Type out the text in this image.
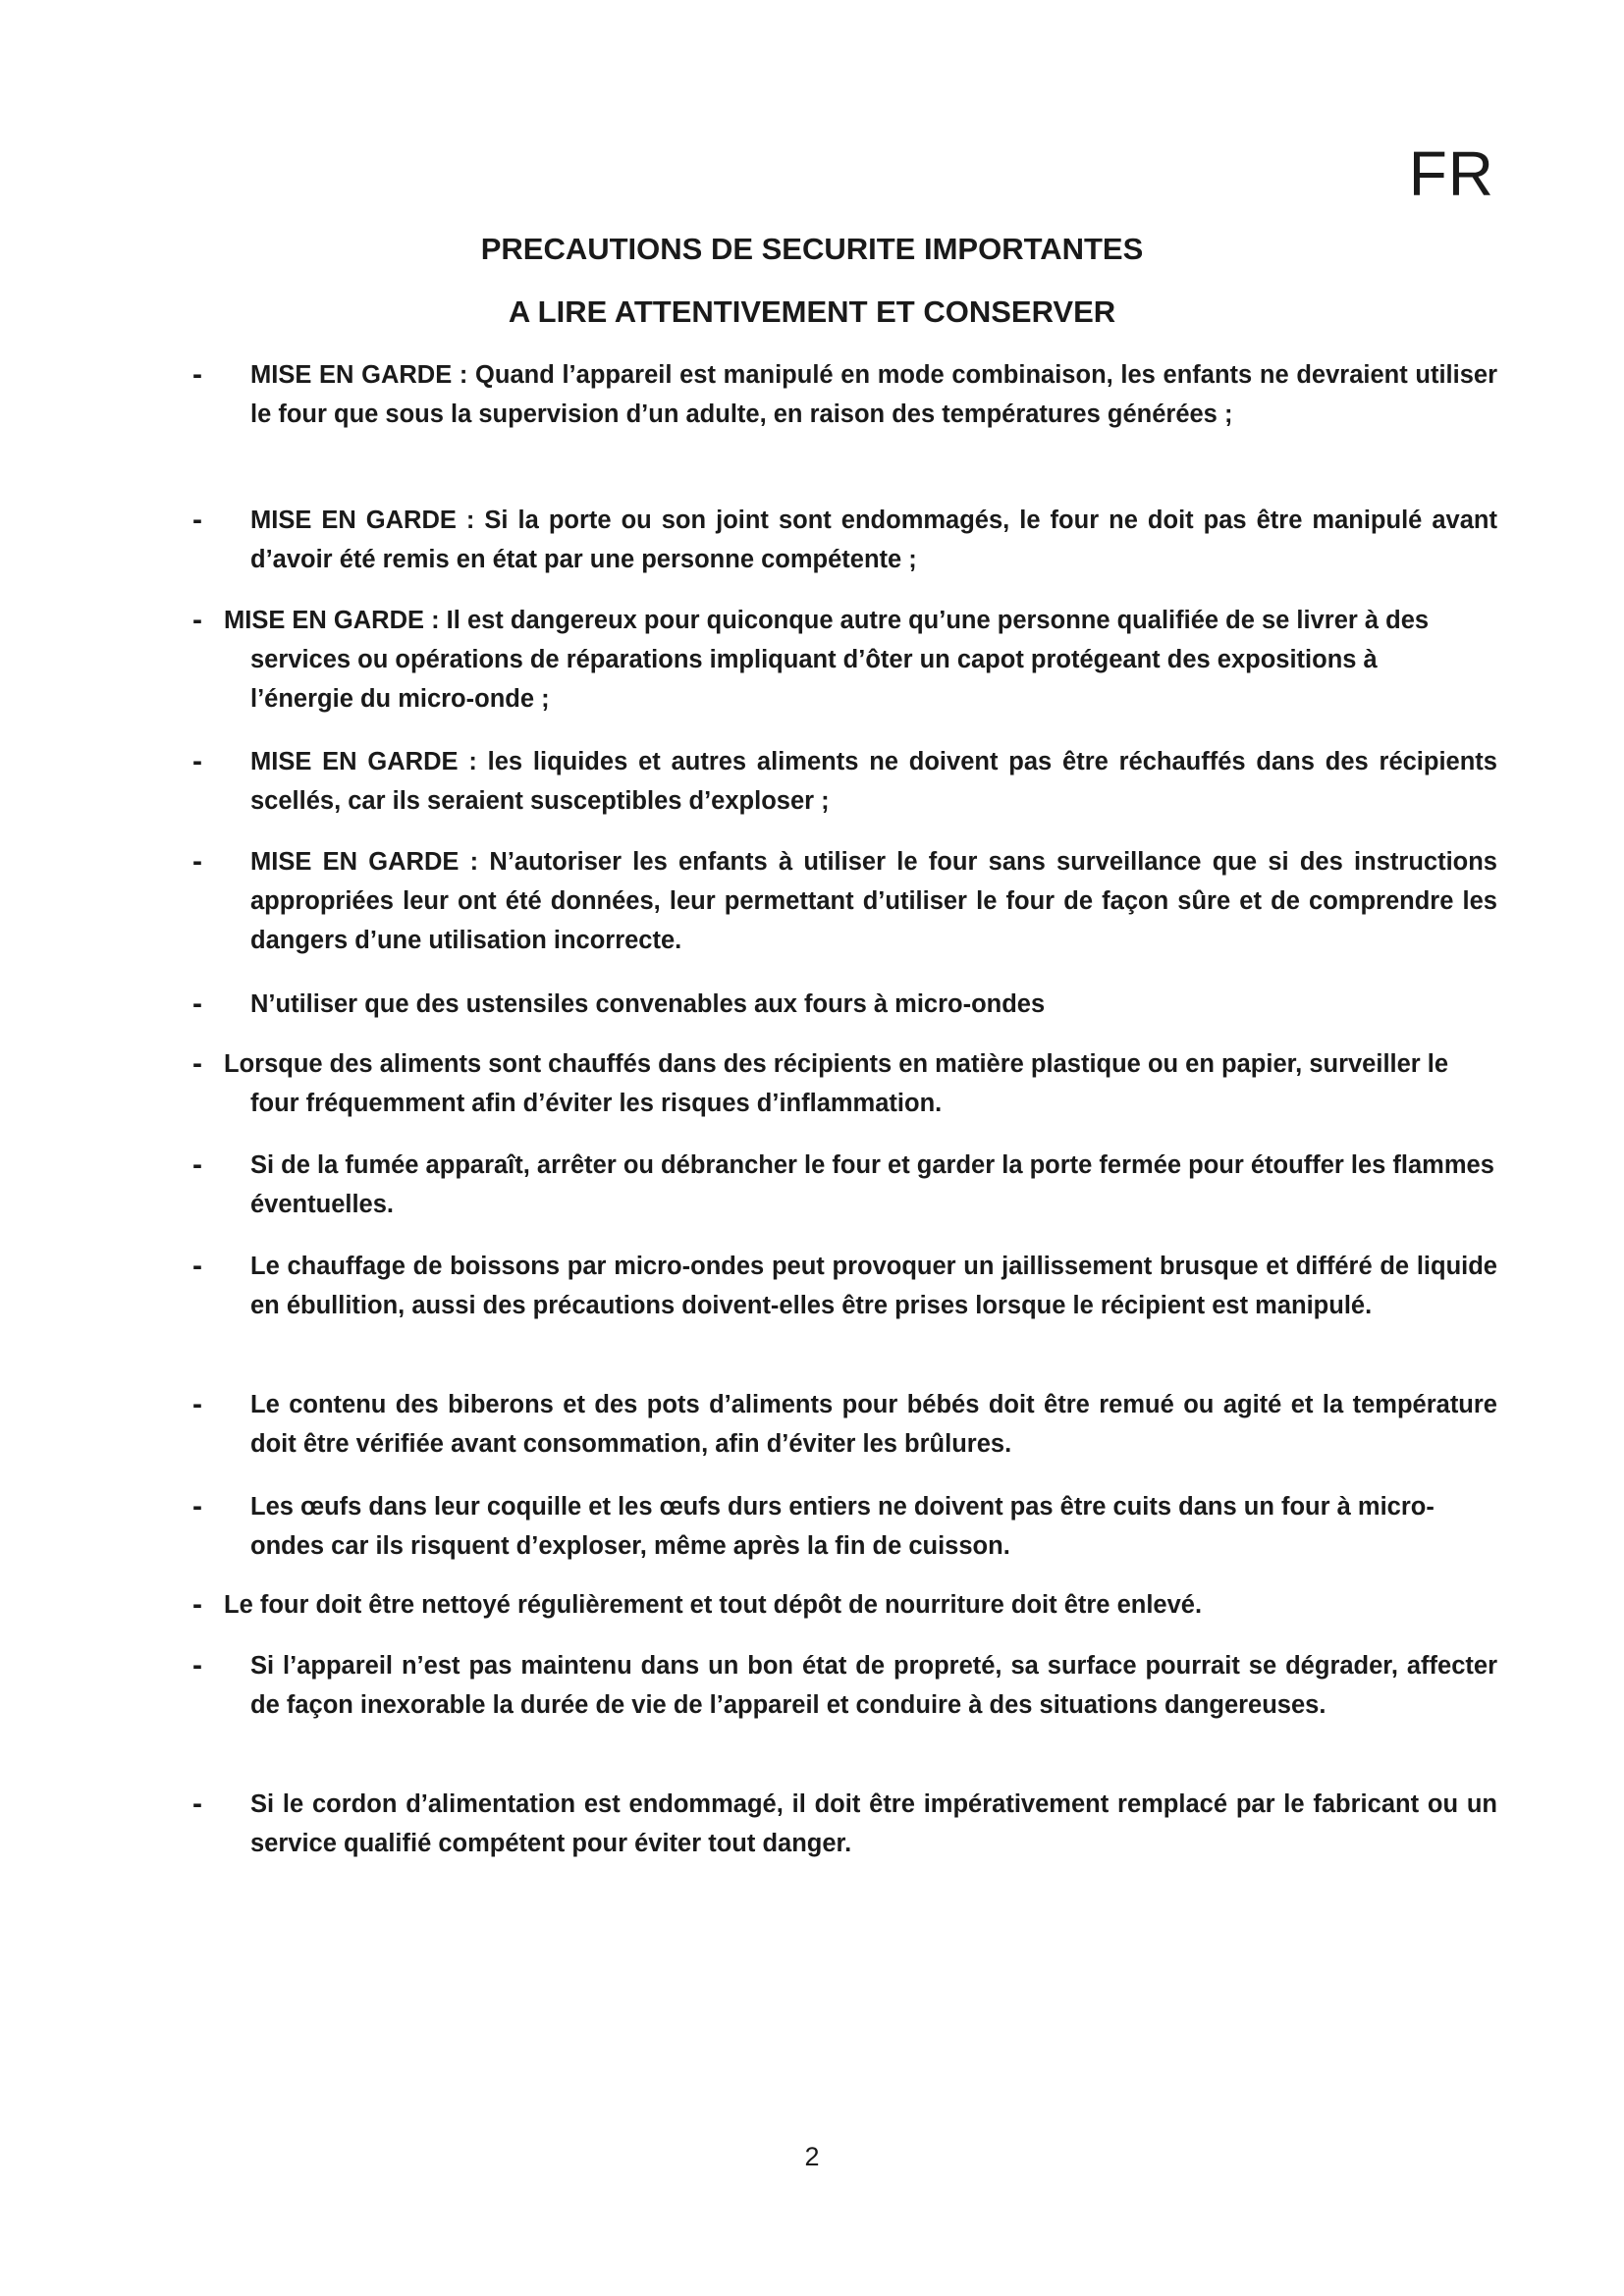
FR
PRECAUTIONS DE SECURITE IMPORTANTES
A LIRE ATTENTIVEMENT ET CONSERVER
- MISE EN GARDE : Quand l’appareil est manipulé en mode combinaison, les enfants ne devraient utiliser le four que sous la supervision d’un adulte, en raison des températures générées ;
- MISE EN GARDE : Si la porte ou son joint sont endommagés, le four ne doit pas être manipulé avant d’avoir été remis en état par une personne compétente ;
- MISE EN GARDE : Il est dangereux pour quiconque autre qu’une personne qualifiée de se livrer à des services ou opérations de réparations impliquant d’ôter un capot protégeant des expositions à l’énergie du micro-onde ;
- MISE EN GARDE : les liquides et autres aliments ne doivent pas être réchauffés dans des récipients scellés, car ils seraient susceptibles d’exploser ;
- MISE EN GARDE : N’autoriser les enfants à utiliser le four sans surveillance que si des instructions appropriées leur ont été données, leur permettant d’utiliser le four de façon sûre et de comprendre les dangers d’une utilisation incorrecte.
- N’utiliser que des ustensiles convenables aux fours à micro-ondes
- Lorsque des aliments sont chauffés dans des récipients en matière plastique ou en papier, surveiller le four fréquemment afin d’éviter les risques d’inflammation.
- Si de la fumée apparaît, arrêter ou débrancher le four et garder la porte fermée pour étouffer les flammes éventuelles.
- Le chauffage de boissons par micro-ondes peut provoquer un jaillissement brusque et différé de liquide en ébullition, aussi des précautions doivent-elles être prises lorsque le récipient est manipulé.
- Le contenu des biberons et des pots d’aliments pour bébés doit être remué ou agité et la température doit être vérifiée avant consommation, afin d’éviter les brûlures.
- Les œufs dans leur coquille et les œufs durs entiers ne doivent pas être cuits dans un four à micro-ondes car ils risquent d’exploser, même après la fin de cuisson.
- Le four doit être nettoyé régulièrement et tout dépôt de nourriture doit être enlevé.
- Si l’appareil n’est pas maintenu dans un bon état de propreté, sa surface pourrait se dégrader, affecter de façon inexorable la durée de vie de l’appareil et conduire à des situations dangereuses.
- Si le cordon d’alimentation est endommagé, il doit être impérativement remplacé par le fabricant ou un service qualifié compétent pour éviter tout danger.
2
